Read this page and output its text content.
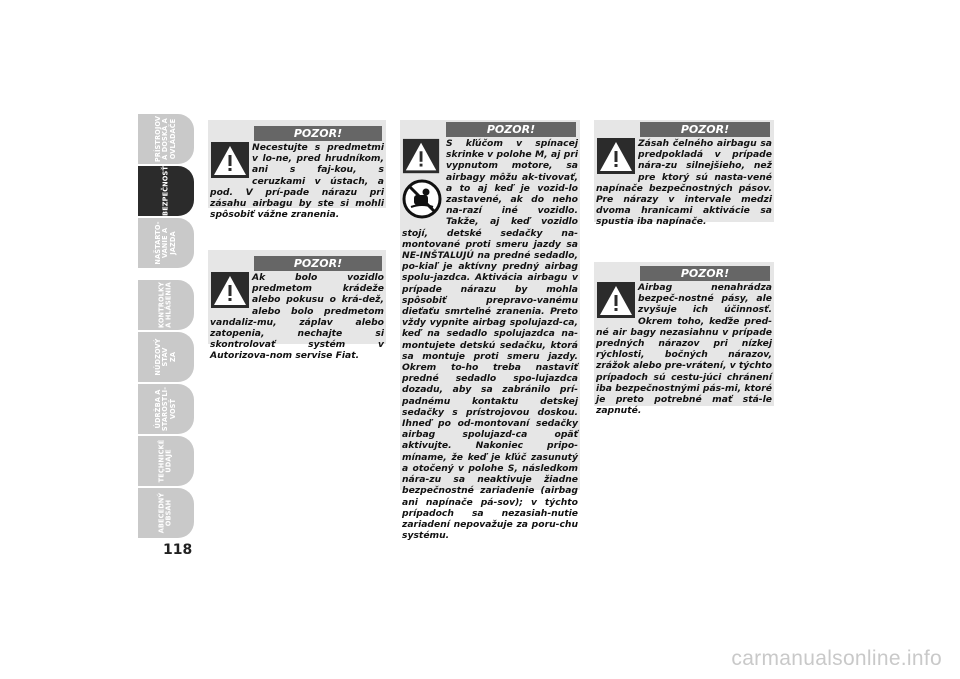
PRÍSTROJOV
Á DOSKA A
OVLÁDAČE
BEZPEČNOSŤ
NAŠTARTO-
VANIE A
JAZDA
KONTROLKY
A HLÁSENIA
NÚDZOVÝ
STAV
ZA
ÚDRŽBA A
STAROSTLI-
VOSŤ
TECHNICKÉ
ÚDAJE
ABECEDNÝ
OBSAH
118
POZOR!
Necestujte s predmetmi v lo-ne, pred hrudníkom, ani s faj-kou, s ceruzkami v ústach, a pod. V prí-pade nárazu pri zásahu airbagu by ste si mohli spôsobiť vážne zranenia.
POZOR!
Ak bolo vozidlo predmetom krádeže alebo pokusu o krá-dež, alebo bolo predmetom vandaliz-mu, záplav alebo zatopenia, nechajte si skontrolovať systém v Autorizova-nom servise Fiat.
POZOR!

S kľúčom v spínacej skrinke v polohe M, aj pri vypnutom motore, sa airbagy môžu ak-tivovať, a to aj keď je vozid-lo zastavené, ak do neho na-razí iné vozidlo. Takže, aj keď vozidlo stojí, detské sedačky na-montované proti smeru jazdy sa NE-INŠTALUJÚ na predné sedadlo, po-kiaľ je aktívny predný airbag spolu-jazdca. Aktivácia airbagu v prípade nárazu by mohla spôsobiť prepravo-vanému dieťaťu smrteľné zranenia. Preto vždy vypnite airbag spolujazd-ca, keď na sedadlo spolujazdca na-montujete detskú sedačku, ktorá sa montuje proti smeru jazdy. Okrem to-ho treba nastaviť predné sedadlo spo-lujazdca dozadu, aby sa zabránilo prí-padnému kontaktu detskej sedačky s prístrojovou doskou. Ihneď po od-montovaní sedačky airbag spolujazd-ca opäť aktivujte. Nakoniec pripo-míname, že keď je kľúč zasunutý a otočený v polohe S, následkom nára-zu sa neaktivuje žiadne bezpečnostné zariadenie (airbag ani napínače pá-sov); v týchto prípadoch sa nezasiah-nutie zariadení nepovažuje za poru-chu systému.
POZOR!
Zásah čelného airbagu sa predpokladá v prípade nára-zu silnejšieho, než pre ktorý sú nasta-vené napínače bezpečnostných pásov. Pre nárazy v intervale medzi dvoma hranicami aktivácie sa spustia iba napínače.
POZOR!
Airbag nenahrádza bezpeč-nostné pásy, ale zvyšuje ich účinnosť. Okrem toho, keďže pred-né air bagy nezasiahnu v prípade predných nárazov pri nízkej rýchlosti, bočných nárazov, zrážok alebo pre-vrátení, v týchto prípadoch sú cestu-júci chránení iba bezpečnostnými pás-mi, ktoré je preto potrebné mať stá-le zapnuté.
carmanualsonline.info
